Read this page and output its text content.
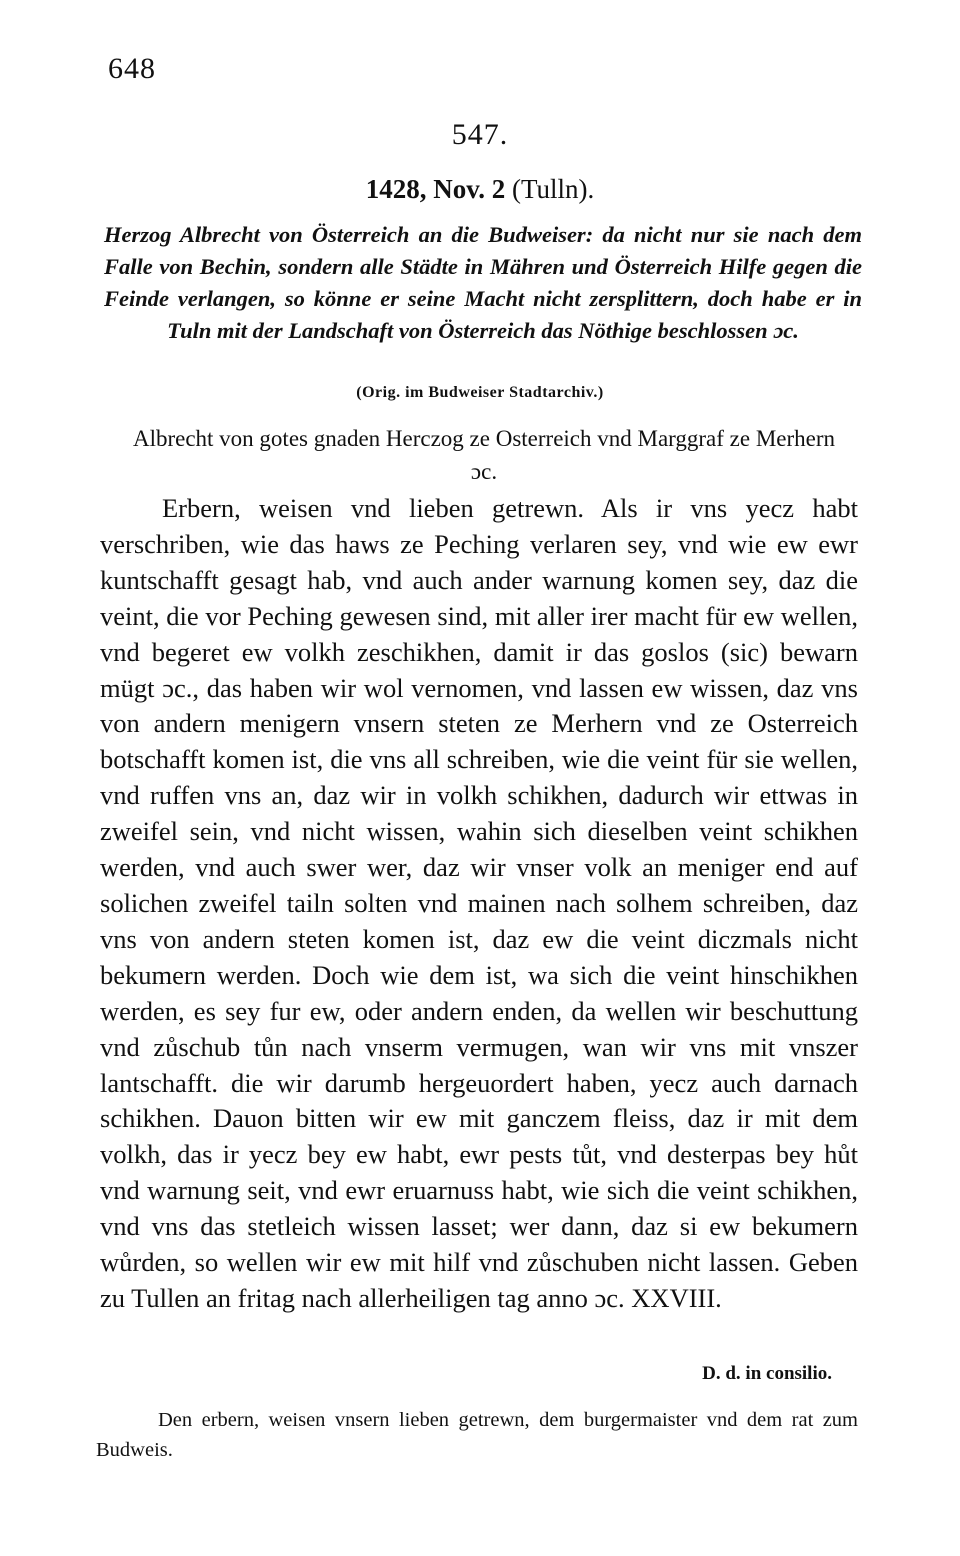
648
547.
1428, Nov. 2 (Tulln).
Herzog Albrecht von Österreich an die Budweiser: da nicht nur sie nach dem Falle von Bechin, sondern alle Städte in Mähren und Österreich Hilfe gegen die Feinde verlangen, so könne er seine Macht nicht zersplittern, doch habe er in Tuln mit der Landschaft von Österreich das Nöthige beschlossen ɔc.
(Orig. im Budweiser Stadtarchiv.)
Albrecht von gotes gnaden Herczog ze Osterreich vnd Marggraf ze Merhern ɔc.
Erbern, weisen vnd lieben getrewn. Als ir vns yecz habt verschriben, wie das haws ze Peching verlaren sey, vnd wie ew ewr kuntschafft gesagt hab, vnd auch ander warnung komen sey, daz die veint, die vor Peching gewesen sind, mit aller irer macht für ew wellen, vnd begeret ew volkh zeschikhen, damit ir das goslos (sic) bewarn mügt ɔc., das haben wir wol vernomen, vnd lassen ew wissen, daz vns von andern menigern vnsern steten ze Merhern vnd ze Osterreich botschafft komen ist, die vns all schreiben, wie die veint für sie wellen, vnd ruffen vns an, daz wir in volkh schikhen, dadurch wir ettwas in zweifel sein, vnd nicht wissen, wahin sich dieselben veint schikhen werden, vnd auch swer wer, daz wir vnser volk an meniger end auf solichen zweifel tailn solten vnd mainen nach solhem schreiben, daz vns von andern steten komen ist, daz ew die veint diczmals nicht bekumern werden. Doch wie dem ist, wa sich die veint hinschikhen werden, es sey fur ew, oder andern enden, da wellen wir beschuttung vnd zůschub tůn nach vnserm vermugen, wan wir vns mit vnszer lantschafft. die wir darumb hergeuordert haben, yecz auch darnach schikhen. Dauon bitten wir ew mit ganczem fleiss, daz ir mit dem volkh, das ir yecz bey ew habt, ewr pests tůt, vnd desterpas bey hůt vnd warnung seit, vnd ewr eruarnuss habt, wie sich die veint schikhen, vnd vns das stetleich wissen lasset; wer dann, daz si ew bekumern wůrden, so wellen wir ew mit hilf vnd zůschuben nicht lassen. Geben zu Tullen an fritag nach allerheiligen tag anno ɔc. XXVIII.
D. d. in consilio.
Den erbern, weisen vnsern lieben getrewn, dem burgermaister vnd dem rat zum Budweis.
